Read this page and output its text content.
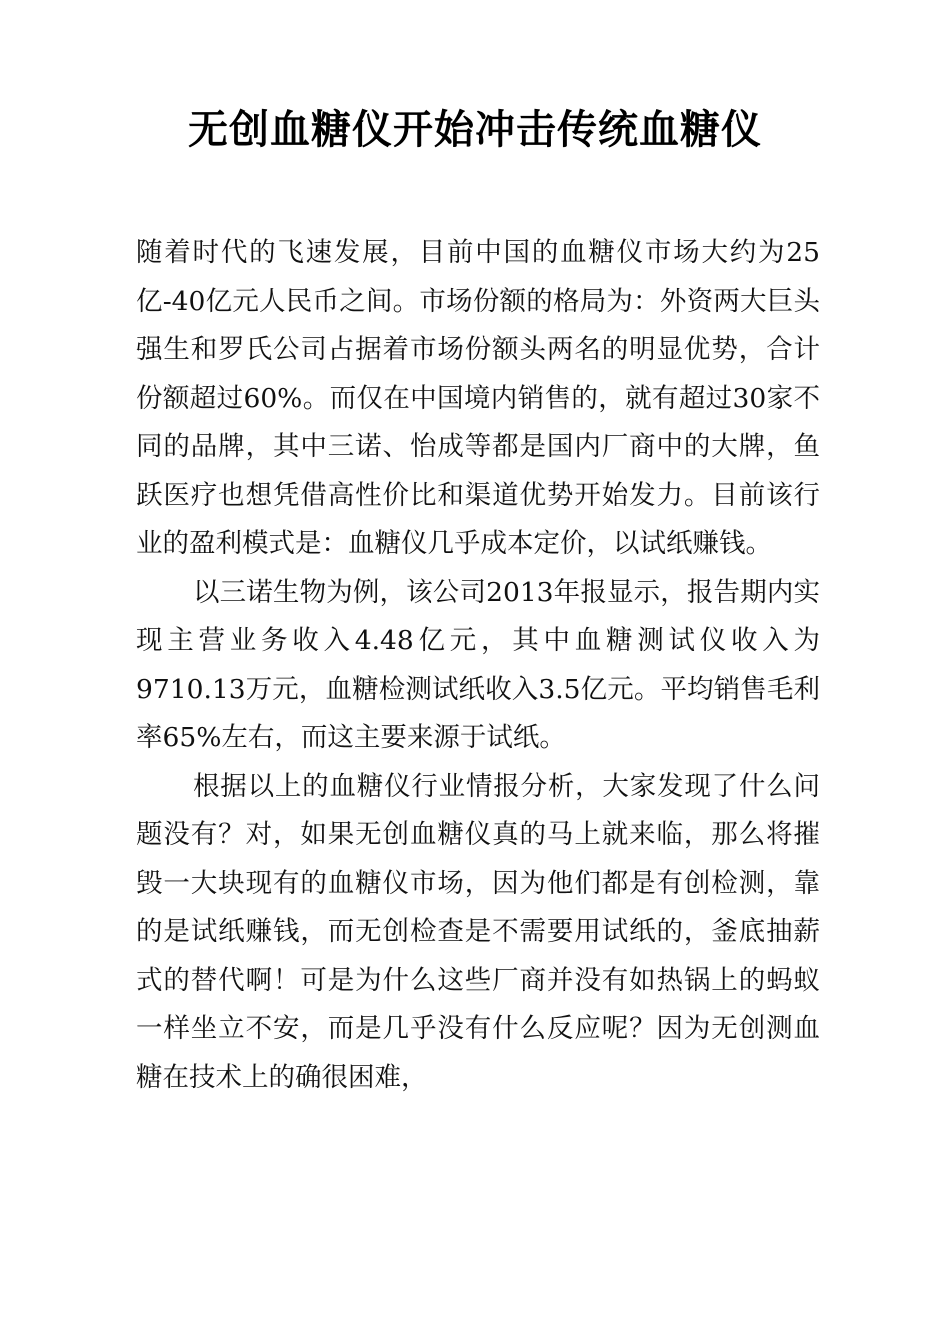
无创血糖仪开始冲击传统血糖仪

随着时代的飞速发展，目前中国的血糖仪市场大约为25亿-40亿元人民币之间。市场份额的格局为：外资两大巨头强生和罗氏公司占据着市场份额头两名的明显优势，合计份额超过60%。而仅在中国境内销售的，就有超过30家不同的品牌，其中三诺、怡成等都是国内厂商中的大牌，鱼跃医疗也想凭借高性价比和渠道优势开始发力。目前该行业的盈利模式是：血糖仪几乎成本定价，以试纸赚钱。

以三诺生物为例，该公司2013年报显示，报告期内实现主营业务收入4.48亿元，其中血糖测试仪收入为9710.13万元，血糖检测试纸收入3.5亿元。平均销售毛利率65%左右，而这主要来源于试纸。

根据以上的血糖仪行业情报分析，大家发现了什么问题没有？对，如果无创血糖仪真的马上就来临，那么将摧毁一大块现有的血糖仪市场，因为他们都是有创检测，靠的是试纸赚钱，而无创检查是不需要用试纸的，釜底抽薪式的替代啊！可是为什么这些厂商并没有如热锅上的蚂蚁一样坐立不安，而是几乎没有什么反应呢？因为无创测血糖在技术上的确很困难，
